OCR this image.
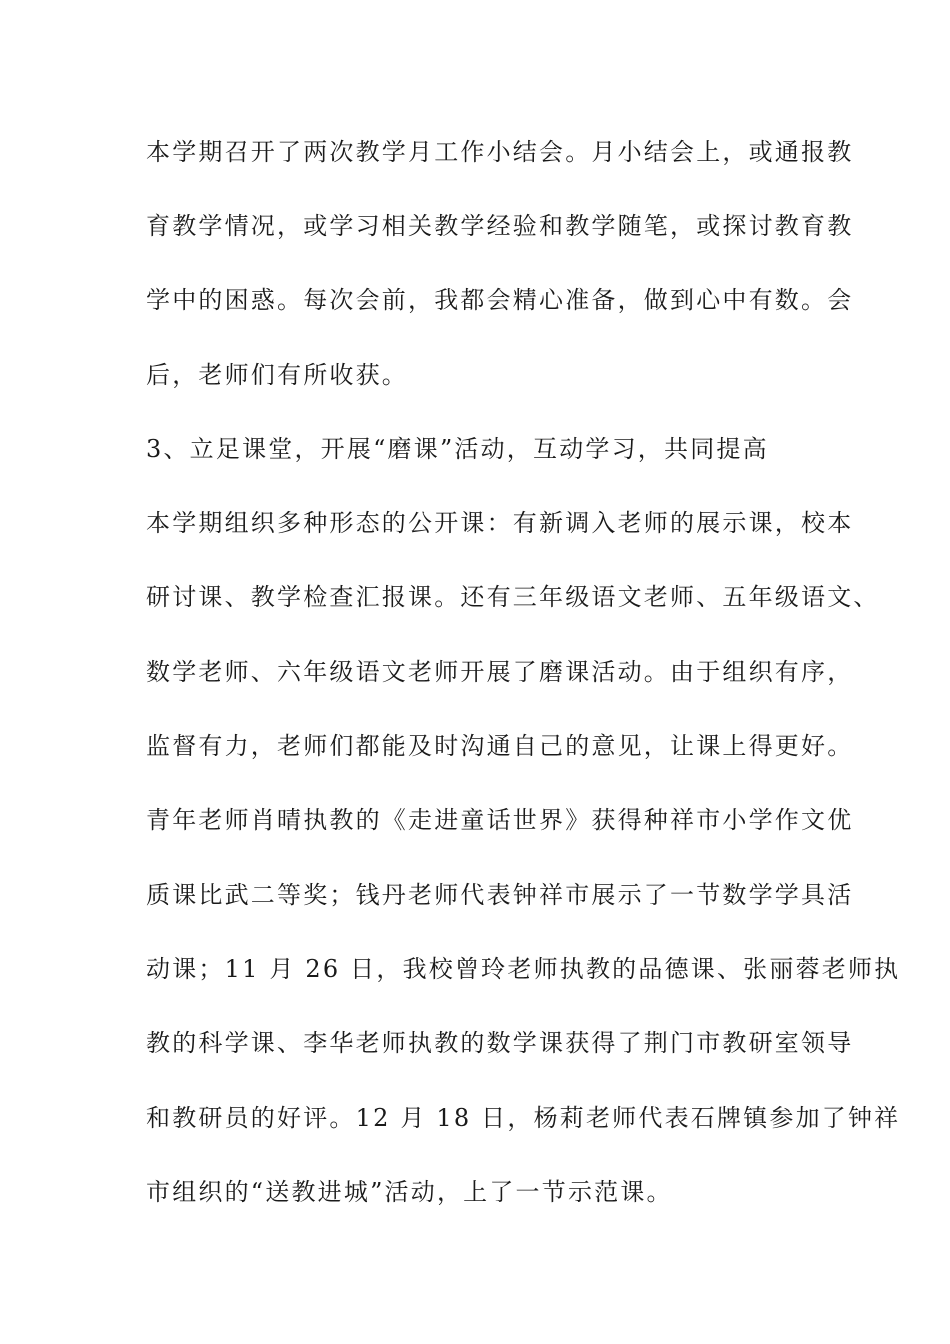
本学期召开了两次教学月工作小结会。月小结会上，或通报教
育教学情况，或学习相关教学经验和教学随笔，或探讨教育教
学中的困惑。每次会前，我都会精心准备，做到心中有数。会
后，老师们有所收获。
3、立足课堂，开展“磨课”活动，互动学习，共同提高
本学期组织多种形态的公开课：有新调入老师的展示课，校本
研讨课、教学检查汇报课。还有三年级语文老师、五年级语文、
数学老师、六年级语文老师开展了磨课活动。由于组织有序，
监督有力，老师们都能及时沟通自己的意见，让课上得更好。
青年老师肖晴执教的《走进童话世界》获得种祥市小学作文优
质课比武二等奖；钱丹老师代表钟祥市展示了一节数学学具活
动课；11 月 26 日，我校曾玲老师执教的品德课、张丽蓉老师执
教的科学课、李华老师执教的数学课获得了荆门市教研室领导
和教研员的好评。12 月 18 日，杨莉老师代表石牌镇参加了钟祥
市组织的“送教进城”活动，上了一节示范课。
